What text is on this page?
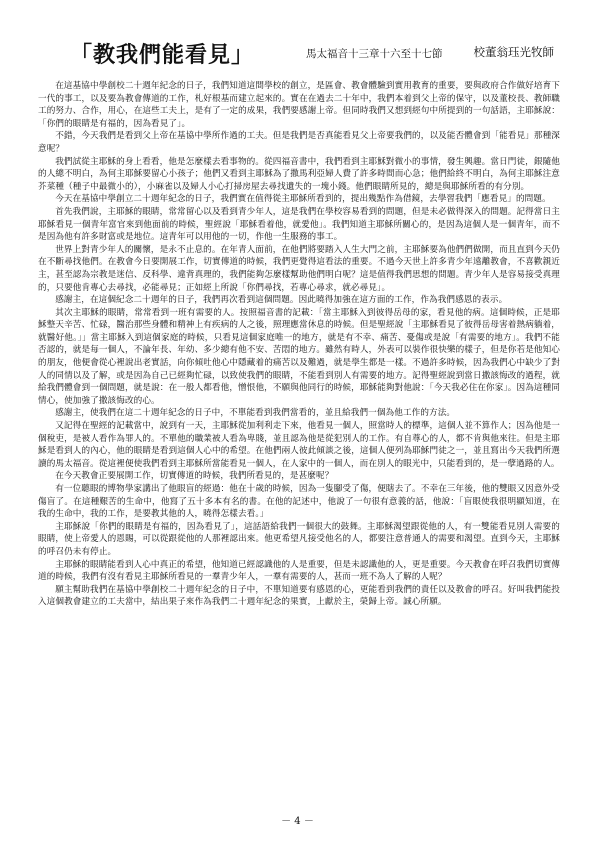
「教我們能看見」	馬太福音十三章十六至十七節	校董翁珏光牧師

在這基協中學創校二十週年紀念的日子，我們知道這間學校的創立，是區會、教會體驗到實用教育的重要，要與政府合作做好培育下一代的事工，以及要為教會傳道的工作，札好根基而建立起來的。實在在過去二十年中，我們本着到父上帝的保守，以及董校長、教師職工的努力、合作，用心，在這些工夫上，是有了一定的成果，我們要感謝上帝。但同時我們又想到經句中所提到的一句話語，主耶穌說：「你們的眼睛是有福的，因為看見了」。

不錯，今天我們是看到父上帝在基協中學所作過的工夫。但是我們是否真能看見父上帝要我們的，以及能否體會到「能看見」那種深意呢？

我們試從主耶穌的身上看看，他是怎麼樣去看事物的。從四福音書中，我們看到主耶穌對微小的事情，發生興趣。當日門徒，銀隨他的人總不明白，為何主耶穌要留心小孩子；他們又看到主耶穌為了撒馬利亞婦人費了許多時間而心急；他們給終不明白，為何主耶穌注意芥菜種（種子中最微小的），小麻雀以及婦人小心打掃房屋去尋找遺失的一塊小錢。他們眼睛所見的，總是與耶穌所看的有分別。

今天在基協中學創立二十週年紀念的日子，我們實在值得從主耶穌所看到的，提出幾點作為借鏡，去學習我們「應看見」的問題。

首先我們說，主耶穌的眼睛，常常留心以及看到青少年人，這是我們在學校容易看到的問題，但是未必做得深入的問題。記得當日主耶穌看見一個青年富官來到他面前的時候，聖經說「耶穌看着他，就愛他」。我們知道主耶穌所關心的，是因為這個人是一個青年，而不是因為他有許多財富或是地位。這青年可以用他的一切，作他一生服務的事工。

世界上對青少年人的關懷，是永不止息的。在年青人面前，在他們將要踏入人生大門之前，主耶穌要為他們們做開，而且直到今天仍在不斷尋找他們。在教會今日要開展工作，切實傳道的時候，我們更覺得這看法的重要。不過今天世上許多青少年遠離教會，不喜歡親近主，甚至認為宗教是迷信、反科學、違背真理的，我們能夠怎麼樣幫助他們明白呢？這是值得我們思想的問題。青少年人是容易接受真理的，只要他肯專心去尋找，必能尋見；正如經上所說「你們尋找，若專心尋求，就必尋見」。

感謝主，在這個紀念二十週年的日子，我們再次看到這個問題。因此曉得加強在這方面的工作，作為我們感恩的表示。

其次主耶穌的眼睛，常常看到一班有需要的人。按照福音書的記載：「當主耶穌入到彼得岳母的家，看見他的病。這個時候，正是耶穌整天辛苦、忙碌，醫治那些身體和精神上有疾病的人之後，照理應當休息的時候。但是聖經說「主耶穌看見了彼得岳母害着熱病躺着，就醫好他。」」當主耶穌入到這個家庭的時候，只看見這個家庭唯一的地方，就是有不幸、痛苦、憂傷或是說「有需要的地方」。我們不能否認的，就是每一個人，不論年長、年幼、多少總有他不安、苦悶的地方。雖然有時人，外表可以裝作很快樂的樣子，但是你若是他知心的朋友，他便會從心裡說出老實話，向你傾吐他心中隱藏着的痛苦以及難過，就是學生都是一樣。不過許多時候，因為我們心中缺少了對人的同情以及了解，或是因為自己已經夠忙碌，以致使我們的眼睛，不能看到別人有需要的地方。記得聖經說到當日撒該悔改的過程，就給我們體會到一個問題，就是說：在一般人都看他，憎恨他，不願與他同行的時候，耶穌能夠對他說：「今天我必住在你家」。因為這種同情心，使加強了撒該悔改的心。

感謝主，使我們在這二十週年紀念的日子中，不單能看到我們當看的，並且給我們一個為他工作的方法。

又記得在聖經的記載當中，說到有一天，主耶穌從加利利走下來，他看見一個人，照當時人的標準，這個人並不算作人；因為他是一個稅吏，是被人看作為罪人的。不單他的職業被人看為卑賤，並且認為他是從犯別人的工作。有自尊心的人，都不肯與他來往。但是主耶穌是看到人的內心，他的眼睛是看到這個人心中的希望。在他們兩人彼此傾談之後，這個人便列為耶穌門徒之一，並且寫出今天我們所選讀的馬太福音。從這裡便使我們看到主耶穌所當能看見一個人，在人家中的一個人，而在別人的眼光中，只能看到的，是一孽過路的人。

在今天教會正要展開工作，切實傳道的時候，我們所看見的，是甚麼呢？

有一位聽眼的博物學家講出了他眼盲的經過：他在十歲的時候，因為一隻腳受了傷，便瞎去了。不幸在三年後，他的雙眼又因意外受傷盲了。在這種艱苦的生命中，他寫了五十多本有名的書。在他的記述中，他說了一句很有意義的話，他說：「盲眼使我很明顯知道，在我的生命中，我的工作，是要教其他的人，曉得怎樣去看。」

主耶穌說「你們的眼睛是有福的，因為看見了」，這話語給我們一個很大的鼓舞。主耶穌渴望跟從他的人，有一雙能看見別人需要的眼睛，使上帝愛人的恩賜，可以從跟從他的人那裡認出來。他更希望凡接受他名的人，都要注意普通人的需要和渴望。直到今天，主耶穌的呼召仍未有停止。

主耶穌的眼睛能看到人心中真正的希望，他知道已經認識他的人是重要，但是未認識他的人，更是重要。今天教會在呼召我們切實傳道的時候，我們有沒有看見主耶穌所看見的一羣青少年人，一羣有需要的人，甚而一班不為人了解的人呢？

願主幫助我們在基協中學創校二十週年紀念的日子中，不單知道要有感恩的心，更能看到我們的責任以及教會的呼召。好叫我們能投入這個教會建立的工夫當中，結出果子來作為我們二十週年紀念的果實，上獻於主，榮歸上帝。誠心所願。

－ 4 －
